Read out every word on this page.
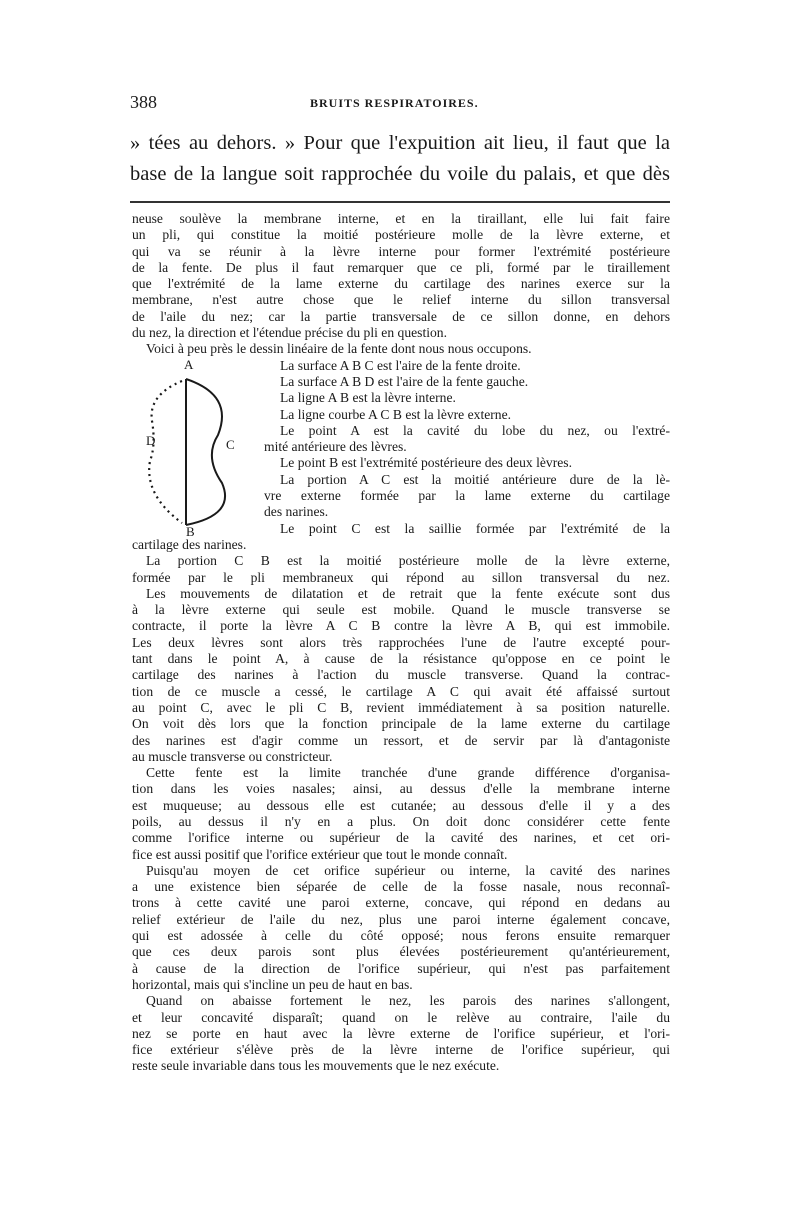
388	BRUITS RESPIRATOIRES.
» tées au dehors. » Pour que l'expuition ait lieu, il faut que la
base de la langue soit rapprochée du voile du palais, et que dès
A
B
C
D
neuse soulève la membrane interne, et en la tiraillant, elle lui fait faire
un pli, qui constitue la moitié postérieure molle de la lèvre externe, et
qui va se réunir à la lèvre interne pour former l'extrémité postérieure
de la fente. De plus il faut remarquer que ce pli, formé par le tiraillement
que l'extrémité de la lame externe du cartilage des narines exerce sur la
membrane, n'est autre chose que le relief interne du sillon transversal
de l'aile du nez; car la partie transversale de ce sillon donne, en dehors
du nez, la direction et l'étendue précise du pli en question.
Voici à peu près le dessin linéaire de la fente dont nous nous occupons.
La surface A B C est l'aire de la fente droite.
La surface A B D est l'aire de la fente gauche.
La ligne A B est la lèvre interne.
La ligne courbe A C B est la lèvre externe.
Le point A est la cavité du lobe du nez, ou l'extré-
mité antérieure des lèvres.
Le point B est l'extrémité postérieure des deux lèvres.
La portion A C est la moitié antérieure dure de la lè-
vre externe formée par la lame externe du cartilage
des narines.
Le point C est la saillie formée par l'extrémité de la
cartilage des narines.
La portion C B est la moitié postérieure molle de la lèvre externe,
formée par le pli membraneux qui répond au sillon transversal du nez.
Les mouvements de dilatation et de retrait que la fente exécute sont dus
à la lèvre externe qui seule est mobile. Quand le muscle transverse se
contracte, il porte la lèvre A C B contre la lèvre A B, qui est immobile.
Les deux lèvres sont alors très rapprochées l'une de l'autre excepté pour-
tant dans le point A, à cause de la résistance qu'oppose en ce point le
cartilage des narines à l'action du muscle transverse. Quand la contrac-
tion de ce muscle a cessé, le cartilage A C qui avait été affaissé surtout
au point C, avec le pli C B, revient immédiatement à sa position naturelle.
On voit dès lors que la fonction principale de la lame externe du cartilage
des narines est d'agir comme un ressort, et de servir par là d'antagoniste
au muscle transverse ou constricteur.
Cette fente est la limite tranchée d'une grande différence d'organisa-
tion dans les voies nasales; ainsi, au dessus d'elle la membrane interne
est muqueuse; au dessous elle est cutanée; au dessous d'elle il y a des
poils, au dessus il n'y en a plus. On doit donc considérer cette fente
comme l'orifice interne ou supérieur de la cavité des narines, et cet ori-
fice est aussi positif que l'orifice extérieur que tout le monde connaît.
Puisqu'au moyen de cet orifice supérieur ou interne, la cavité des narines
a une existence bien séparée de celle de la fosse nasale, nous reconnaî-
trons à cette cavité une paroi externe, concave, qui répond en dedans au
relief extérieur de l'aile du nez, plus une paroi interne également concave,
qui est adossée à celle du côté opposé; nous ferons ensuite remarquer
que ces deux parois sont plus élevées postérieurement qu'antérieurement,
à cause de la direction de l'orifice supérieur, qui n'est pas parfaitement
horizontal, mais qui s'incline un peu de haut en bas.
Quand on abaisse fortement le nez, les parois des narines s'allongent,
et leur concavité disparaît; quand on le relève au contraire, l'aile du
nez se porte en haut avec la lèvre externe de l'orifice supérieur, et l'ori-
fice extérieur s'élève près de la lèvre interne de l'orifice supérieur, qui
reste seule invariable dans tous les mouvements que le nez exécute.
